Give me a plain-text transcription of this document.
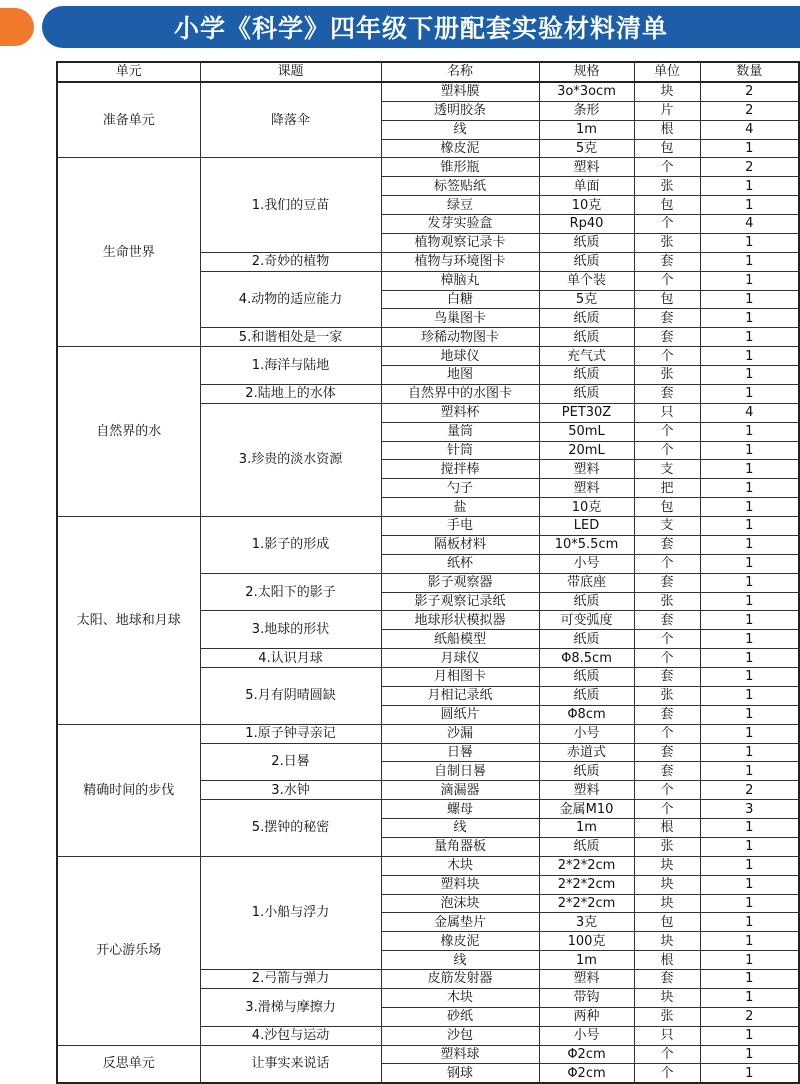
小学《科学》四年级下册配套实验材料清单
单元	课题	名称	规格	单位	数量
准备单元	降落伞	塑料膜	3o*3ocm	块	2
		透明胶条	条形	片	2
		线	1m	根	4
		橡皮泥	5克	包	1
生命世界	1.我们的豆苗	锥形瓶	塑料	个	2
		标签贴纸	单面	张	1
		绿豆	10克	包	1
		发芽实验盒	Rp40	个	4
		植物观察记录卡	纸质	张	1
	2.奇妙的植物	植物与环境图卡	纸质	套	1
	4.动物的适应能力	樟脑丸	单个装	个	1
		白糖	5克	包	1
		鸟巢图卡	纸质	套	1
	5.和谐相处是一家	珍稀动物图卡	纸质	套	1
自然界的水	1.海洋与陆地	地球仪	充气式	个	1
		地图	纸质	张	1
	2.陆地上的水体	自然界中的水图卡	纸质	套	1
	3.珍贵的淡水资源	塑料杯	PET30Z	只	4
		量筒	50mL	个	1
		针筒	20mL	个	1
		搅拌棒	塑料	支	1
		勺子	塑料	把	1
		盐	10克	包	1
太阳、地球和月球	1.影子的形成	手电	LED	支	1
		隔板材料	10*5.5cm	套	1
		纸杯	小号	个	1
	2.太阳下的影子	影子观察器	带底座	套	1
		影子观察记录纸	纸质	张	1
	3.地球的形状	地球形状模拟器	可变弧度	套	1
		纸船模型	纸质	个	1
	4.认识月球	月球仪	Φ8.5cm	个	1
	5.月有阴晴圆缺	月相图卡	纸质	套	1
		月相记录纸	纸质	张	1
		圆纸片	Φ8cm	套	1
精确时间的步伐	1.原子钟寻亲记	沙漏	小号	个	1
	2.日晷	日晷	赤道式	套	1
		自制日晷	纸质	套	1
	3.水钟	滴漏器	塑料	个	2
	5.摆钟的秘密	螺母	金属M10	个	3
		线	1m	根	1
		量角器板	纸质	张	1
开心游乐场	1.小船与浮力	木块	2*2*2cm	块	1
		塑料块	2*2*2cm	块	1
		泡沫块	2*2*2cm	块	1
		金属垫片	3克	包	1
		橡皮泥	100克	块	1
		线	1m	根	1
	2.弓箭与弹力	皮筋发射器	塑料	套	1
	3.滑梯与摩擦力	木块	带钩	块	1
		砂纸	两种	张	2
	4.沙包与运动	沙包	小号	只	1
反思单元	让事实来说话	塑料球	Φ2cm	个	1
		钢球	Φ2cm	个	1
